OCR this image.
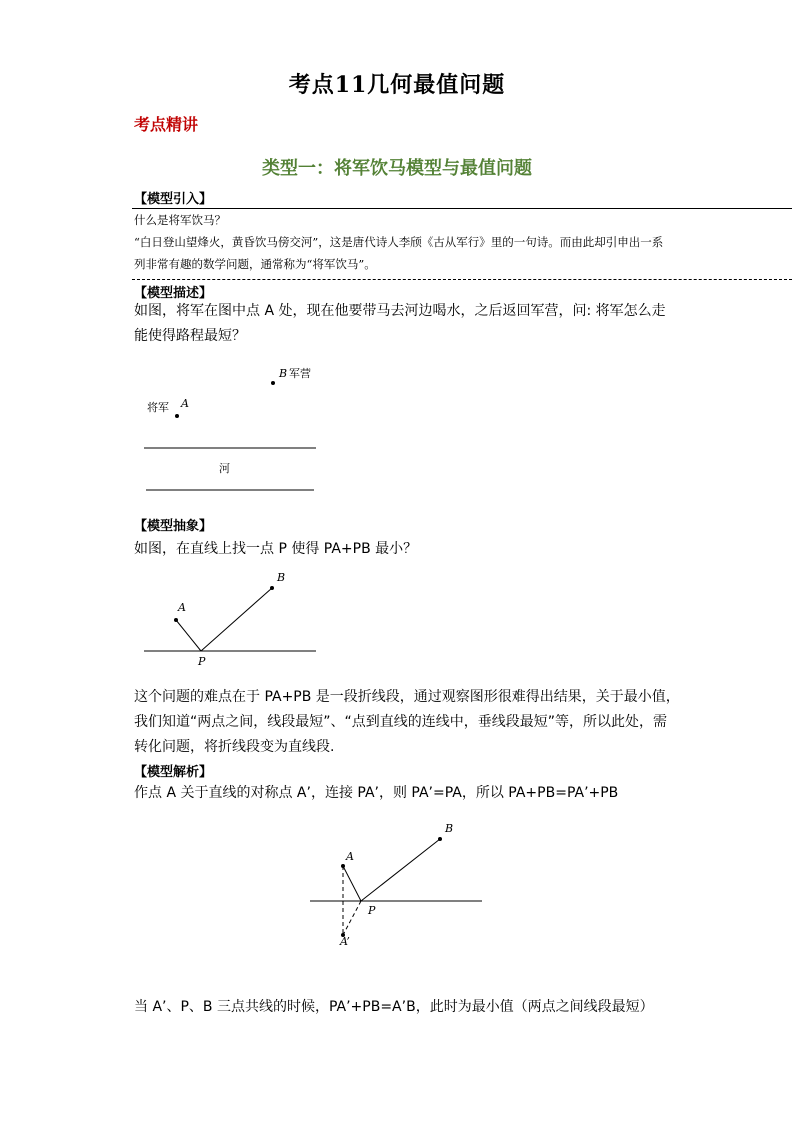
考点11几何最值问题
考点精讲
类型一：将军饮马模型与最值问题
【模型引入】
什么是将军饮马？
“白日登山望烽火，黄昏饮马傍交河”，这是唐代诗人李颀《古从军行》里的一句诗。而由此却引申出一系
列非常有趣的数学问题，通常称为“将军饮马”。
【模型描述】
如图，将军在图中点 A 处，现在他要带马去河边喝水，之后返回军营，问: 将军怎么走
能使得路程最短？
B 军营
将军 A
河
【模型抽象】
如图，在直线上找一点 P 使得 PA+PB 最小？
A
B
P
这个问题的难点在于 PA+PB 是一段折线段，通过观察图形很难得出结果，关于最小值，
我们知道“两点之间，线段最短”、“点到直线的连线中，垂线段最短”等，所以此处，需
转化问题，将折线段变为直线段.
【模型解析】
作点 A 关于直线的对称点 A’，连接 PA’，则 PA’=PA，所以 PA+PB=PA’+PB
A
B
P
A’
当 A’、P、B 三点共线的时候，PA’+PB=A’B，此时为最小值（两点之间线段最短）
